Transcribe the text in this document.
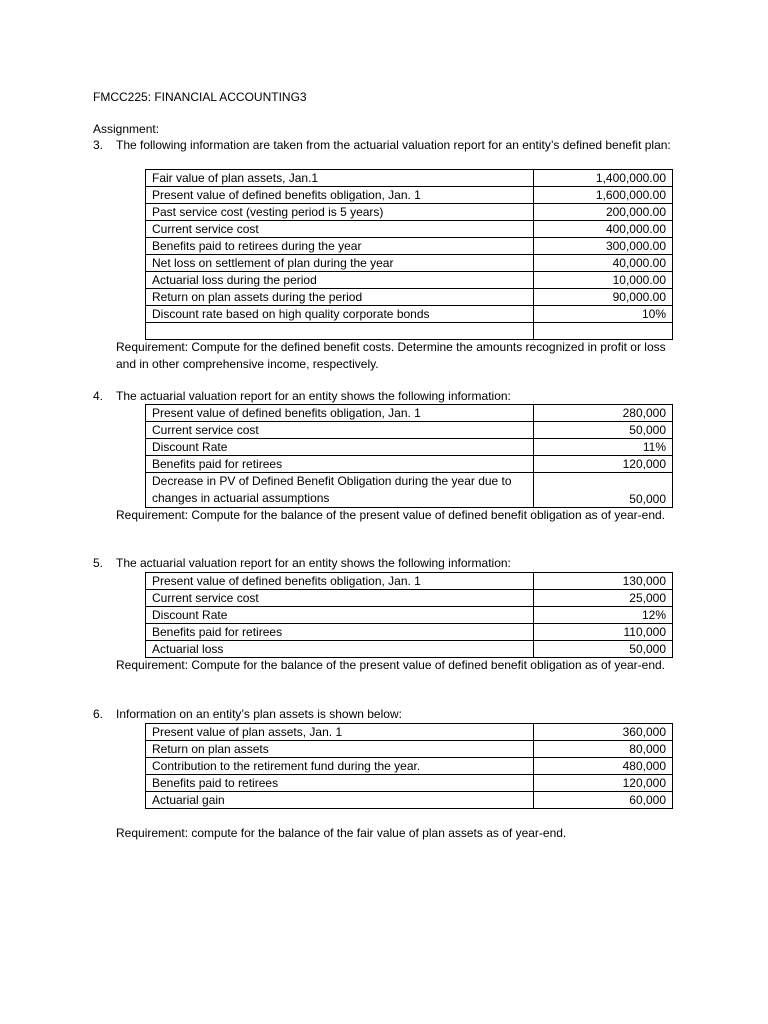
FMCC225: FINANCIAL ACCOUNTING3
Assignment:
3.	The following information are taken from the actuarial valuation report for an entity’s defined benefit plan:
Fair value of plan assets, Jan.1	1,400,000.00
Present value of defined benefits obligation, Jan. 1	1,600,000.00
Past service cost (vesting period is 5 years)	200,000.00
Current service cost	400,000.00
Benefits paid to retirees during the year	300,000.00
Net loss on settlement of plan during the year	40,000.00
Actuarial loss during the period	10,000.00
Return on plan assets during the period	90,000.00
Discount rate based on high quality corporate bonds	10%

Requirement: Compute for the defined benefit costs. Determine the amounts recognized in profit or loss and in other comprehensive income, respectively.
4.	The actuarial valuation report for an entity shows the following information:
Present value of defined benefits obligation, Jan. 1	280,000
Current service cost	50,000
Discount Rate	11%
Benefits paid for retirees	120,000
Decrease in PV of Defined Benefit Obligation during the year due to changes in actuarial assumptions	50,000
Requirement: Compute for the balance of the present value of defined benefit obligation as of year-end.
5.	The actuarial valuation report for an entity shows the following information:
Present value of defined benefits obligation, Jan. 1	130,000
Current service cost	25,000
Discount Rate	12%
Benefits paid for retirees	110,000
Actuarial loss	50,000
Requirement: Compute for the balance of the present value of defined benefit obligation as of year-end.
6.	Information on an entity’s plan assets is shown below:
Present value of plan assets, Jan. 1	360,000
Return on plan assets	80,000
Contribution to the retirement fund during the year.	480,000
Benefits paid to retirees	120,000
Actuarial gain	60,000
Requirement: compute for the balance of the fair value of plan assets as of year-end.
